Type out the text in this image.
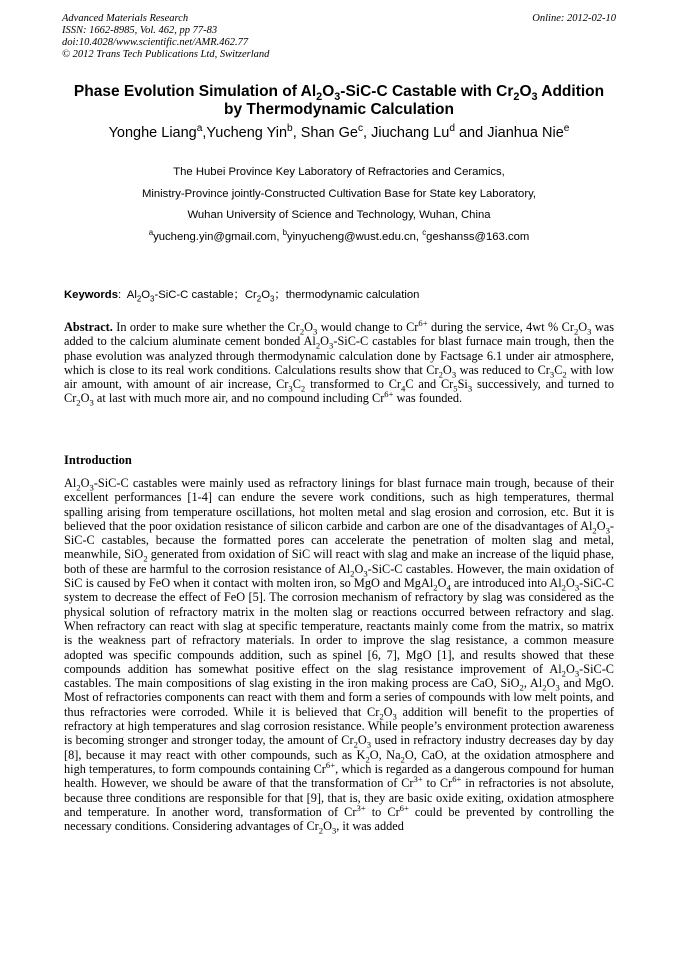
Advanced Materials Research
ISSN: 1662-8985, Vol. 462, pp 77-83
doi:10.4028/www.scientific.net/AMR.462.77
© 2012 Trans Tech Publications Ltd, Switzerland
Online: 2012-02-10
Phase Evolution Simulation of $Al_2O_3-SiC-C$ Castable with $Cr_2O_3$ Addition
by Thermodynamic Calculation
Yonghe Liang$^a$,Yucheng Yin$^b$, Shan Ge$^c$, Jiuchang Lu$^d$ and Jianhua Nie$^e$
The Hubei Province Key Laboratory of Refractories and Ceramics,
Ministry-Province jointly-Constructed Cultivation Base for State key Laboratory,
Wuhan University of Science and Technology, Wuhan, China
$^a$yucheng.yin@gmail.com, $^b$yinyucheng@wust.edu.cn, $^c$geshanss@163.com
Keywords:  $Al_2O_3-SiC-C$ castable；$Cr_2O_3$；thermodynamic calculation
Abstract. In order to make sure whether the $Cr_2O_3$ would change to $Cr^{6+}$ during the service, 4wt % $Cr_2O_3$ was added to the calcium aluminate cement bonded $Al_2O_3-SiC-C$ castables for blast furnace main trough, then the phase evolution was analyzed through thermodynamic calculation done by Factsage 6.1 under air atmosphere, which is close to its real work conditions. Calculations results show that $Cr_2O_3$ was reduced to $Cr_3C_2$ with low air amount, with amount of air increase, $Cr_3C_2$ transformed to $Cr_4C$ and $Cr_5Si_3$ successively, and turned to $Cr_2O_3$ at last with much more air, and no compound including $Cr^{6+}$ was founded.
Introduction
$Al_2O_3-SiC-C$ castables were mainly used as refractory linings for blast furnace main trough, because of their excellent performances [1-4] can endure the severe work conditions, such as high temperatures, thermal spalling arising from temperature oscillations, hot molten metal and slag erosion and corrosion, etc. But it is believed that the poor oxidation resistance of silicon carbide and carbon are one of the disadvantages of $Al_2O_3-SiC-C$ castables, because the formatted pores can accelerate the penetration of molten slag and metal, meanwhile, SiO$_2$ generated from oxidation of SiC will react with slag and make an increase of the liquid phase, both of these are harmful to the corrosion resistance of $Al_2O_3-SiC-C$ castables. However, the main oxidation of SiC is caused by FeO when it contact with molten iron, so MgO and $MgAl_2O_4$ are introduced into $Al_2O_3-SiC-C$ system to decrease the effect of FeO [5]. The corrosion mechanism of refractory by slag was considered as the physical solution of refractory matrix in the molten slag or reactions occurred between refractory and slag. When refractory can react with slag at specific temperature, reactants mainly come from the matrix, so matrix is the weakness part of refractory materials. In order to improve the slag resistance, a common measure adopted was specific compounds addition, such as spinel [6, 7], MgO [1], and results showed that these compounds addition has somewhat positive effect on the slag resistance improvement of $Al_2O_3-SiC-C$ castables. The main compositions of slag existing in the iron making process are CaO, SiO$_2$, $Al_2O_3$ and MgO. Most of refractories components can react with them and form a series of compounds with low melt points, and thus refractories were corroded. While it is believed that $Cr_2O_3$ addition will benefit to the properties of refractory at high temperatures and slag corrosion resistance. While people’s environment protection awareness is becoming stronger and stronger today, the amount of $Cr_2O_3$ used in refractory industry decreases day by day [8], because it may react with other compounds, such as $K_2O$, $Na_2O$, CaO, at the oxidation atmosphere and high temperatures, to form compounds containing $Cr^{6+}$, which is regarded as a dangerous compound for human health. However, we should be aware of that the transformation of $Cr^{3+}$ to $Cr^{6+}$ in refractories is not absolute, because three conditions are responsible for that [9], that is, they are basic oxide exiting, oxidation atmosphere and temperature. In another word, transformation of $Cr^{3+}$ to $Cr^{6+}$ could be prevented by controlling the necessary conditions. Considering advantages of $Cr_2O_3$, it was added
